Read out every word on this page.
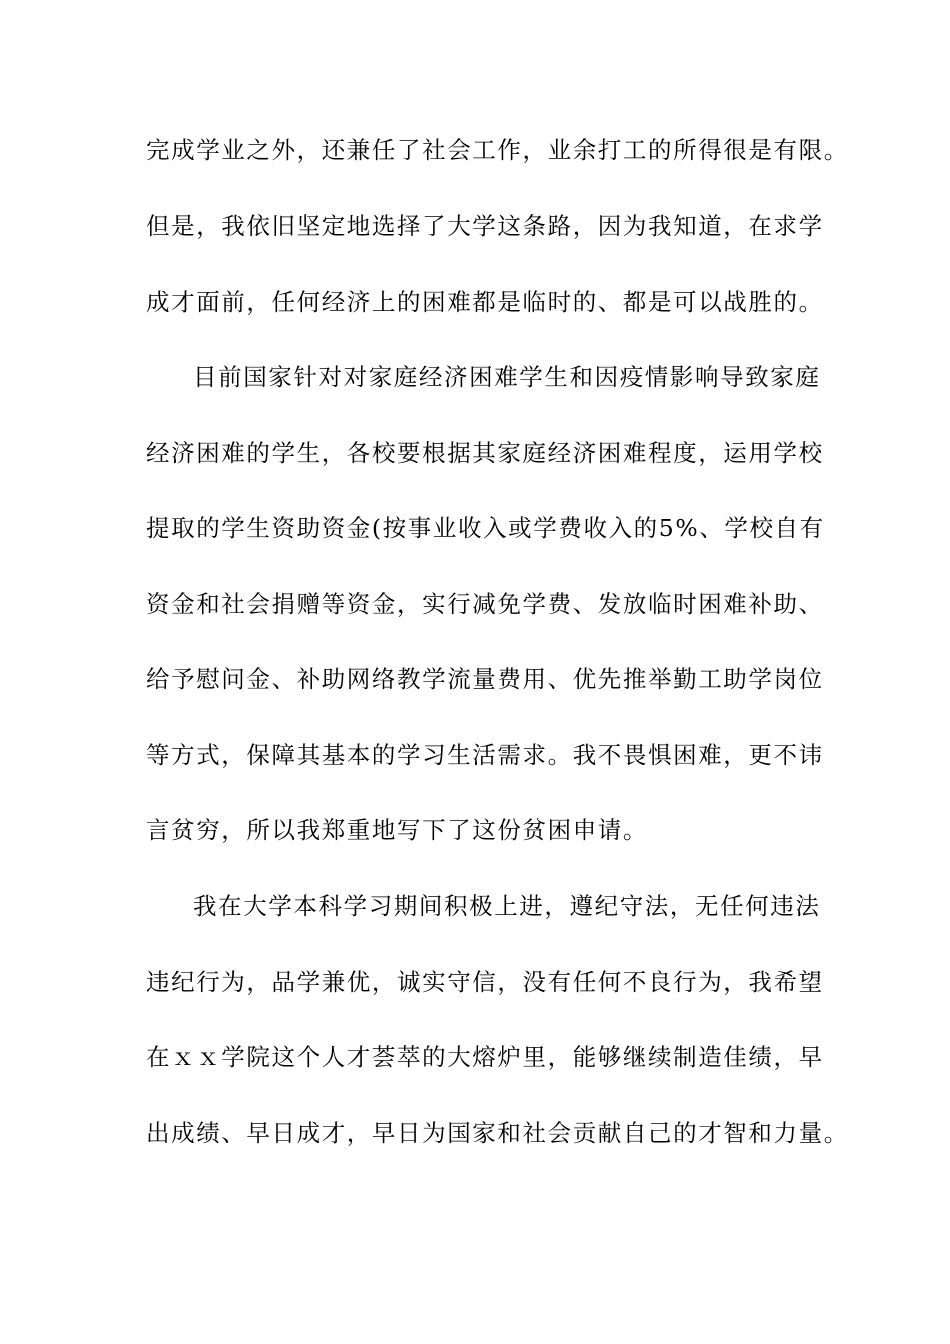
完成学业之外，还兼任了社会工作，业余打工的所得很是有限。
但是，我依旧坚定地选择了大学这条路，因为我知道，在求学
成才面前，任何经济上的困难都是临时的、都是可以战胜的。
目前国家针对对家庭经济困难学生和因疫情影响导致家庭
经济困难的学生，各校要根据其家庭经济困难程度，运用学校
提取的学生资助资金(按事业收入或学费收入的5%、学校自有
资金和社会捐赠等资金，实行减免学费、发放临时困难补助、
给予慰问金、补助网络教学流量费用、优先推举勤工助学岗位
等方式，保障其基本的学习生活需求。我不畏惧困难，更不讳
言贫穷，所以我郑重地写下了这份贫困申请。
我在大学本科学习期间积极上进，遵纪守法，无任何违法
违纪行为，品学兼优，诚实守信，没有任何不良行为，我希望
在ｘｘ学院这个人才荟萃的大熔炉里，能够继续制造佳绩，早
出成绩、早日成才，早日为国家和社会贡献自己的才智和力量。
